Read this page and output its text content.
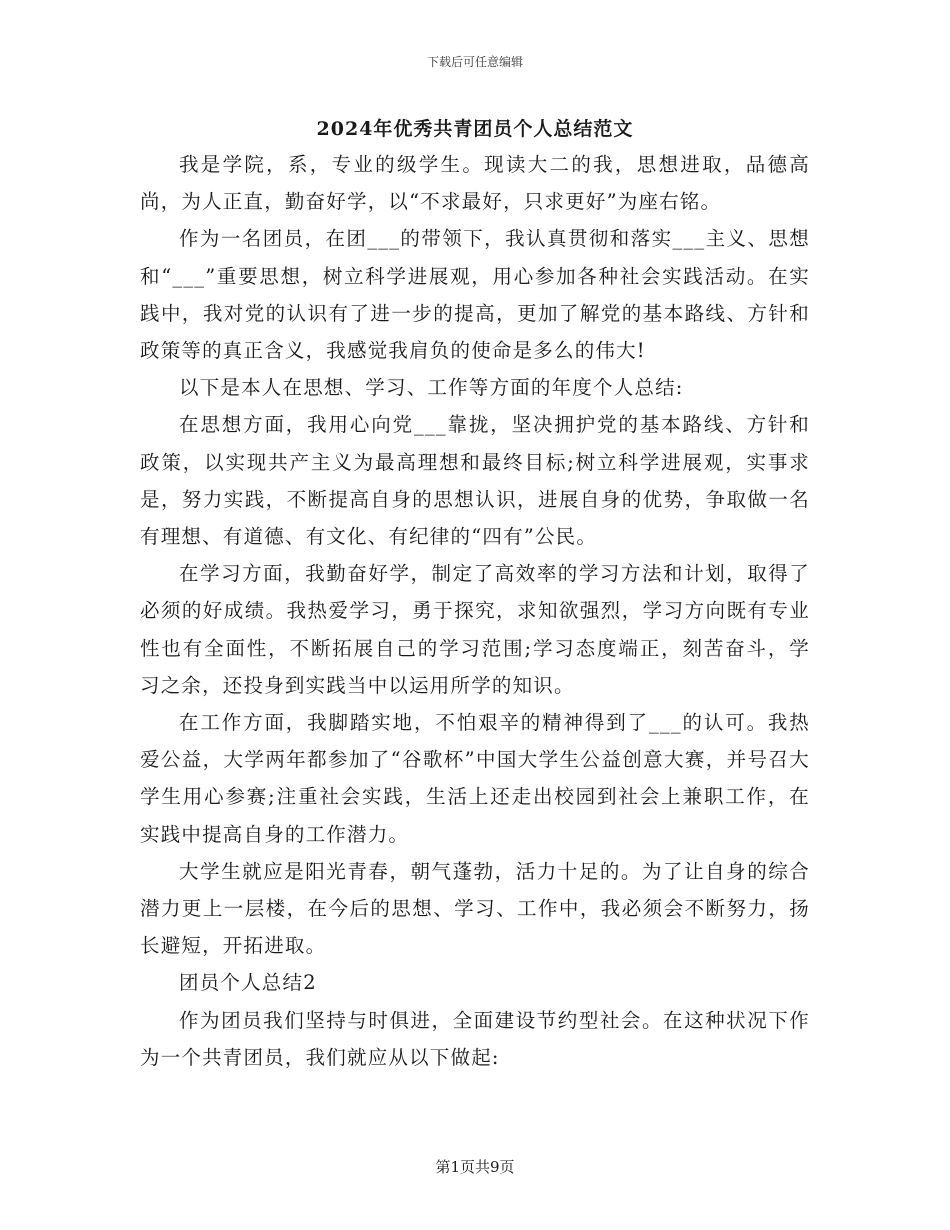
下载后可任意编辑
2024年优秀共青团员个人总结范文

我是学院，系，专业的级学生。现读大二的我，思想进取，品德高尚，为人正直，勤奋好学，以“不求最好，只求更好”为座右铭。

作为一名团员，在团___的带领下，我认真贯彻和落实___主义、思想和“___”重要思想，树立科学进展观，用心参加各种社会实践活动。在实践中，我对党的认识有了进一步的提高，更加了解党的基本路线、方针和政策等的真正含义，我感觉我肩负的使命是多么的伟大!

以下是本人在思想、学习、工作等方面的年度个人总结:

在思想方面，我用心向党___靠拢，坚决拥护党的基本路线、方针和政策，以实现共产主义为最高理想和最终目标;树立科学进展观，实事求是，努力实践，不断提高自身的思想认识，进展自身的优势，争取做一名有理想、有道德、有文化、有纪律的“四有”公民。

在学习方面，我勤奋好学，制定了高效率的学习方法和计划，取得了必须的好成绩。我热爱学习，勇于探究，求知欲强烈，学习方向既有专业性也有全面性，不断拓展自己的学习范围;学习态度端正，刻苦奋斗，学习之余，还投身到实践当中以运用所学的知识。

在工作方面，我脚踏实地，不怕艰辛的精神得到了___的认可。我热爱公益，大学两年都参加了“谷歌杯”中国大学生公益创意大赛，并号召大学生用心参赛;注重社会实践，生活上还走出校园到社会上兼职工作，在实践中提高自身的工作潜力。

大学生就应是阳光青春，朝气蓬勃，活力十足的。为了让自身的综合潜力更上一层楼，在今后的思想、学习、工作中，我必须会不断努力，扬长避短，开拓进取。

团员个人总结2

作为团员我们坚持与时俱进，全面建设节约型社会。在这种状况下作为一个共青团员，我们就应从以下做起:

第1页共9页
